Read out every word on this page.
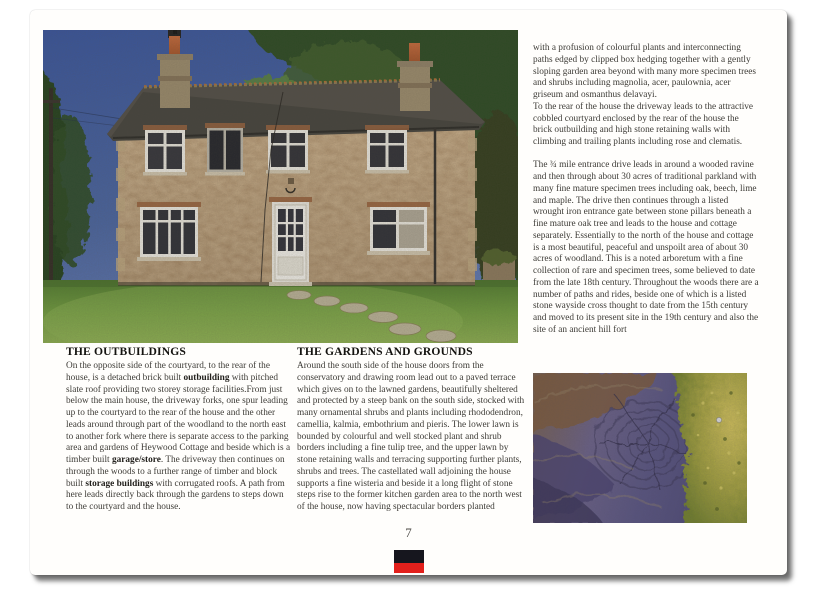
with a profusion of colourful plants and interconnecting paths edged by clipped box hedging together with a gently sloping garden area beyond with many more specimen trees and shrubs including magnolia, acer, paulownia, acer griseum and osmanthus delavayi.

To the rear of the house the driveway leads to the attractive cobbled courtyard enclosed by the rear of the house the brick outbuilding and high stone retaining walls with climbing and trailing plants including rose and clematis.

The ¾ mile entrance drive leads in around a wooded ravine and then through about 30 acres of traditional parkland with many fine mature specimen trees including oak, beech, lime and maple. The drive then continues through a listed wrought iron entrance gate between stone pillars beneath a fine mature oak tree and leads to the house and cottage separately. Essentially to the north of the house and cottage is a most beautiful, peaceful and unspoilt area of about 30 acres of woodland. This is a noted arboretum with a fine collection of rare and specimen trees, some believed to date from the late 18th century. Throughout the woods there are a number of paths and rides, beside one of which is a listed stone wayside cross thought to date from the 15th century and moved to its present site in the 19th century and also the site of an ancient hill fort

THE OUTBUILDINGS

On the opposite side of the courtyard, to the rear of the house, is a detached brick built outbuilding with pitched slate roof providing two storey storage facilities.From just below the main house, the driveway forks, one spur leading up to the courtyard to the rear of the house and the other leads around through part of the woodland to the north east to another fork where there is separate access to the parking area and gardens of Heywood Cottage and beside which is a timber built garage/store. The driveway then continues on through the woods to a further range of timber and block built storage buildings with corrugated roofs. A path from here leads directly back through the gardens to steps down to the courtyard and the house.

THE GARDENS AND GROUNDS

Around the south side of the house doors from the conservatory and drawing room lead out to a paved terrace which gives on to the lawned gardens, beautifully sheltered and protected by a steep bank on the south side, stocked with many ornamental shrubs and plants including rhododendron, camellia, kalmia, embothrium and pieris. The lower lawn is bounded by colourful and well stocked plant and shrub borders including a fine tulip tree, and the upper lawn by stone retaining walls and terracing supporting further plants, shrubs and trees. The castellated wall adjoining the house supports a fine wisteria and beside it a long flight of stone steps rise to the former kitchen garden area to the north west of the house, now having spectacular borders planted

7
